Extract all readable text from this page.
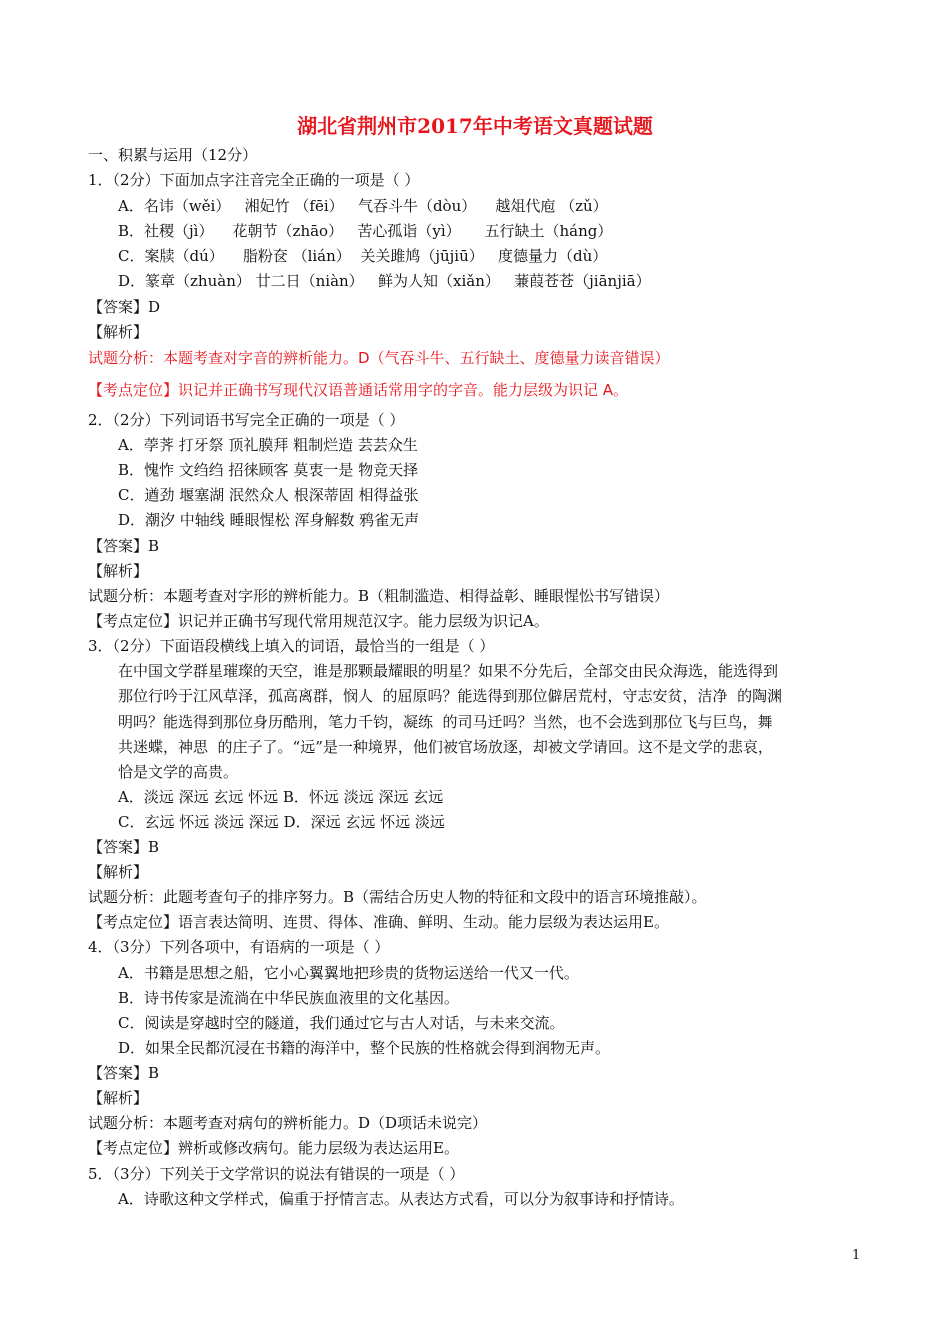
湖北省荆州市2017年中考语文真题试题
一、积累与运用（12分）
1．（2分）下面加点字注音完全正确的一项是（ ）
A．名讳（wěi）   湘妃竹 （fēi）   气吞斗牛（dòu）    越俎代庖 （zǔ）
B．社稷（jì）    花朝节（zhāo）   苦心孤诣（yì）     五行缺土（háng）
C．案牍（dú）    脂粉奁 （lián）  关关雎鸠（jūjiū）   度德量力（dù）
D．篆章（zhuàn） 廿二日（niàn）   鲜为人知（xiǎn）   蒹葭苍苍（jiānjiā）
【答案】D
【解析】
试题分析：本题考查对字音的辨析能力。D（气吞斗牛、五行缺土、度德量力读音错误）
【考点定位】识记并正确书写现代汉语普通话常用字的字音。能力层级为识记 A。
2．（2分）下列词语书写完全正确的一项是（ ）
A．荸荠 打牙祭 顶礼膜拜 粗制烂造 芸芸众生
B．愧怍 文绉绉 招徕顾客 莫衷一是 物竞天择
C．遒劲 堰塞湖 泯然众人 根深蒂固 相得益张
D．潮汐 中轴线 睡眼惺松 浑身解数 鸦雀无声
【答案】B
【解析】
试题分析：本题考查对字形的辨析能力。B（粗制滥造、相得益彰、睡眼惺忪书写错误）
【考点定位】识记并正确书写现代常用规范汉字。能力层级为识记A。
3．（2分）下面语段横线上填入的词语，最恰当的一组是（ ）
在中国文学群星璀璨的天空，谁是那颗最耀眼的明星？如果不分先后，全部交由民众海选，能选得到
那位行吟于江风草泽，孤高离群，悯人  的屈原吗？能选得到那位僻居荒村，守志安贫，洁净  的陶渊
明吗？能选得到那位身历酷刑，笔力千钧，凝练  的司马迁吗？当然，也不会选到那位飞与巨鸟，舞
共迷蝶，神思  的庄子了。“远”是一种境界，他们被官场放逐，却被文学请回。这不是文学的悲哀，
恰是文学的高贵。
A．淡远 深远 玄远 怀远 B．怀远 淡远 深远 玄远
C．玄远 怀远 淡远 深远 D．深远 玄远 怀远 淡远
【答案】B
【解析】
试题分析：此题考查句子的排序努力。B（需结合历史人物的特征和文段中的语言环境推敲）。
【考点定位】语言表达简明、连贯、得体、准确、鲜明、生动。能力层级为表达运用E。
4．（3分）下列各项中，有语病的一项是（ ）
A．书籍是思想之船，它小心翼翼地把珍贵的货物运送给一代又一代。
B．诗书传家是流淌在中华民族血液里的文化基因。
C．阅读是穿越时空的隧道，我们通过它与古人对话，与未来交流。
D．如果全民都沉浸在书籍的海洋中，整个民族的性格就会得到润物无声。
【答案】B
【解析】
试题分析：本题考查对病句的辨析能力。D（D项话未说完）
【考点定位】辨析或修改病句。能力层级为表达运用E。
5．（3分）下列关于文学常识的说法有错误的一项是（ ）
A．诗歌这种文学样式，偏重于抒情言志。从表达方式看，可以分为叙事诗和抒情诗。
1
